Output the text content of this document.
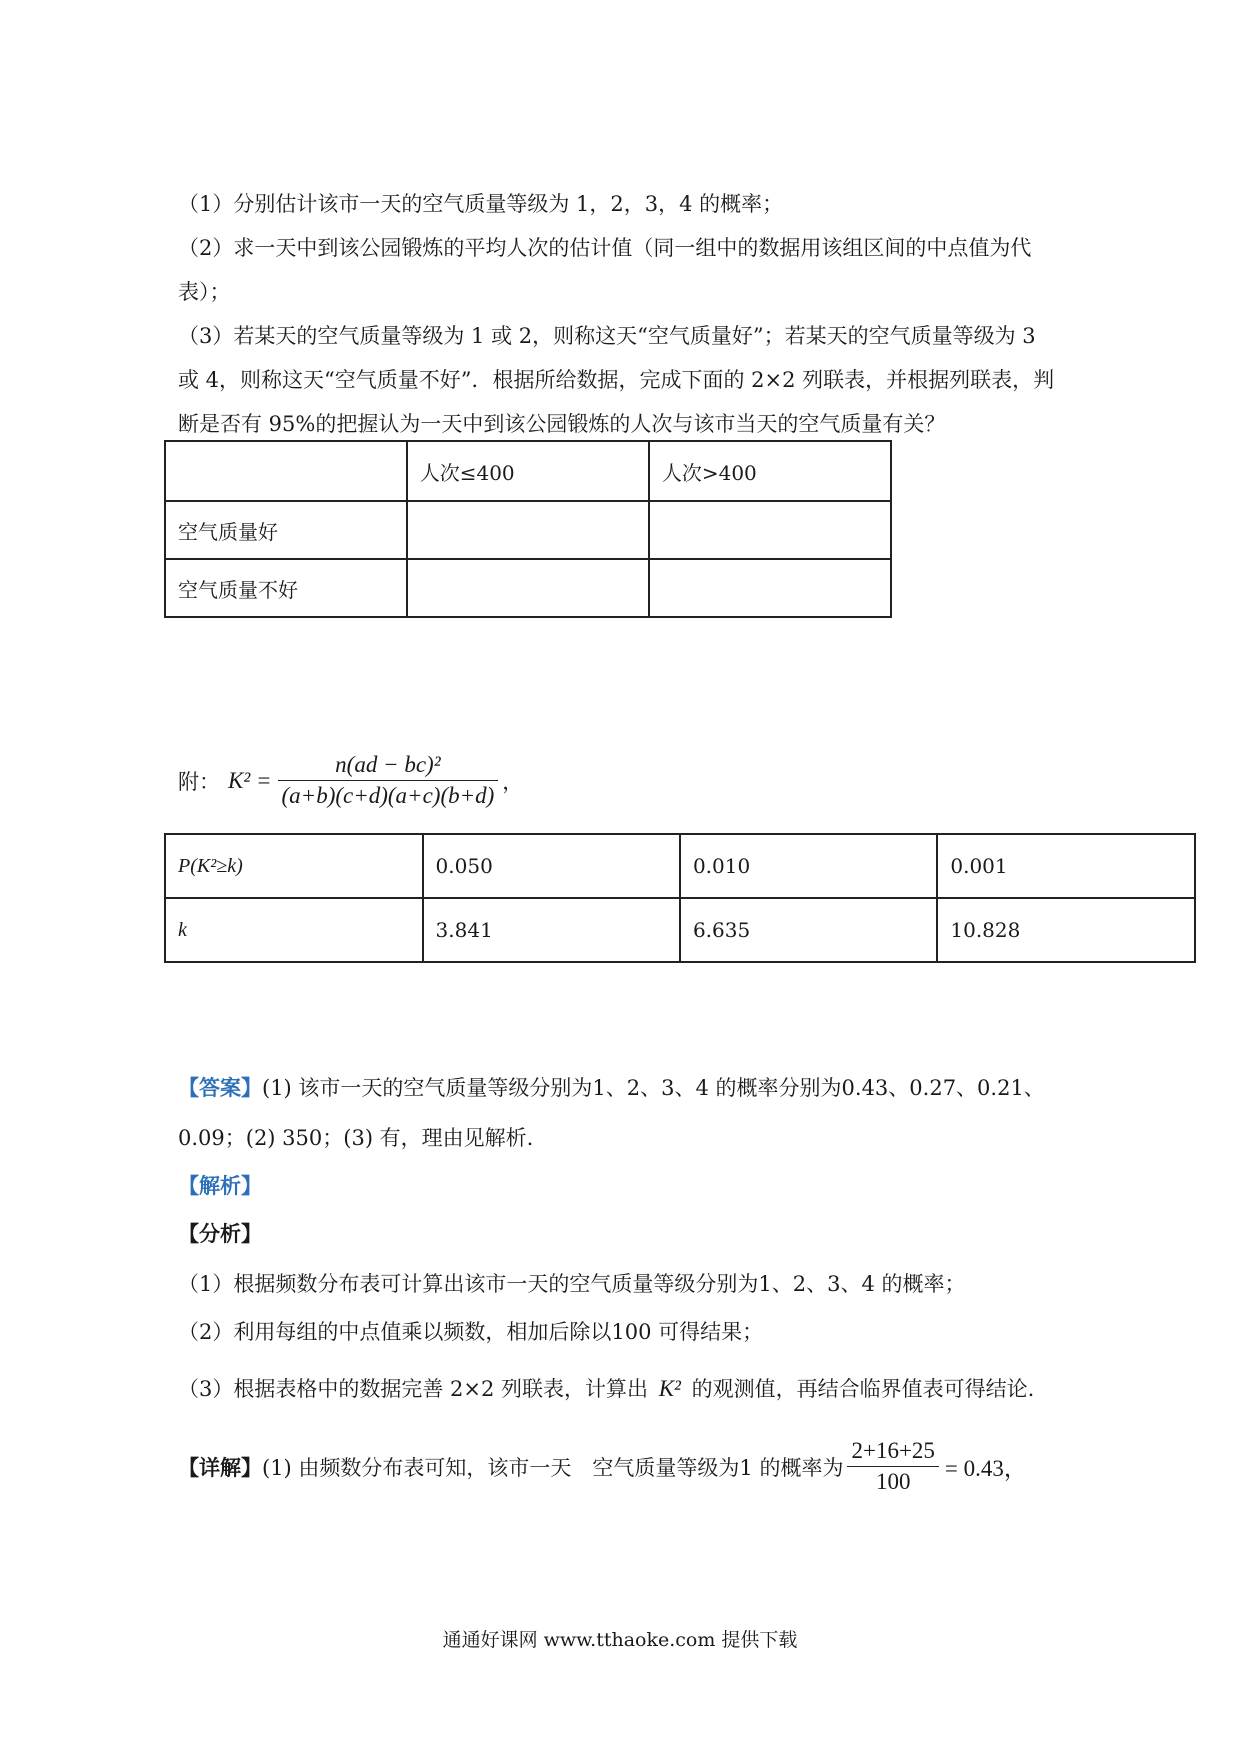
（1）分别估计该市一天的空气质量等级为 1，2，3，4 的概率；
（2）求一天中到该公园锻炼的平均人次的估计值（同一组中的数据用该组区间的中点值为代
表）；
（3）若某天的空气质量等级为 1 或 2，则称这天“空气质量好”；若某天的空气质量等级为 3
或 4，则称这天“空气质量不好”．根据所给数据，完成下面的 2×2 列联表，并根据列联表，判
断是否有 95%的把握认为一天中到该公园锻炼的人次与该市当天的空气质量有关？
	人次≤400	人次>400
空气质量好		
空气质量不好		
附： $K^2 = \frac{\text{n(ad − bc)²}}{(a+b)(c+d)(a+c)(b+d)}$ ，
P(K²≥k)	0.050	0.010	0.001
k	3.841	6.635	10.828
【答案】(1) 该市一天的空气质量等级分别为1、2、3、4 的概率分别为0.43、0.27、0.21、
0.09；(2) 350；(3) 有，理由见解析.
【解析】
【分析】
（1）根据频数分布表可计算出该市一天的空气质量等级分别为1、2、3、4 的概率；
（2）利用每组的中点值乘以频数，相加后除以100 可得结果；
（3）根据表格中的数据完善 2×2 列联表，计算出 K² 的观测值，再结合临界值表可得结论.
【详解】 (1) 由频数分布表可知，该市一天　空气质量等级为1 的概率为 $\frac{2+16+25}{100} = 0.43$，
通通好课网 www.tthaoke.com 提供下载
